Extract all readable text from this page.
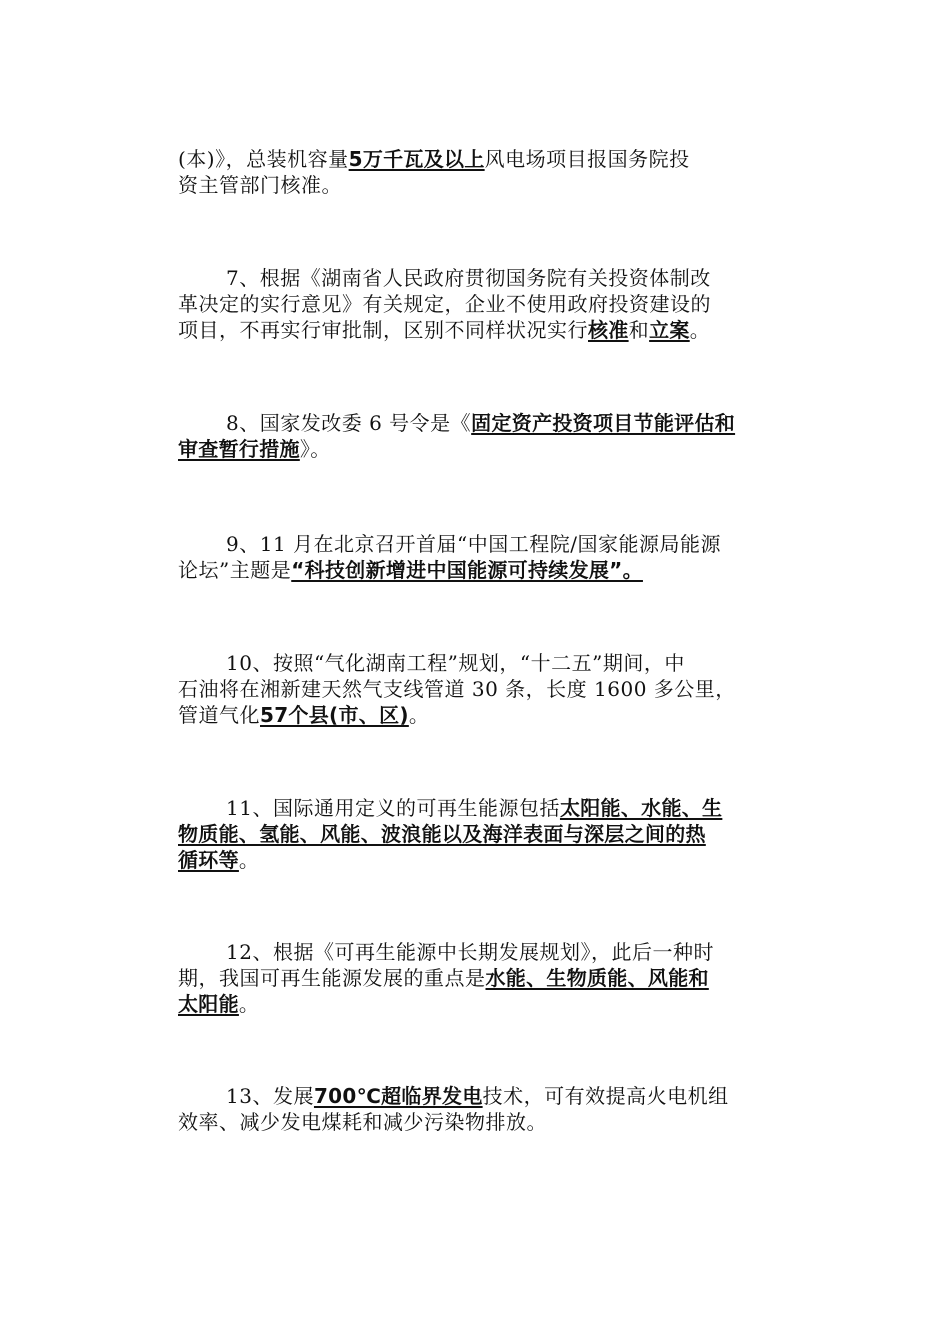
(本)》，总装机容量5万千瓦及以上风电场项目报国务院投
资主管部门核准。
7、根据《湖南省人民政府贯彻国务院有关投资体制改
革决定的实行意见》有关规定，企业不使用政府投资建设的
项目，不再实行审批制，区别不同样状况实行核准和立案。
8、国家发改委 6 号令是《固定资产投资项目节能评估和
审查暂行措施》。
9、11 月在北京召开首届“中国工程院/国家能源局能源
论坛”主题是“科技创新增进中国能源可持续发展”。
10、按照“气化湖南工程”规划，“十二五”期间，中
石油将在湘新建天然气支线管道 30 条，长度 1600 多公里，
管道气化57个县(市、区)。
11、国际通用定义的可再生能源包括太阳能、水能、生
物质能、氢能、风能、波浪能以及海洋表面与深层之间的热
循环等。
12、根据《可再生能源中长期发展规划》，此后一种时
期，我国可再生能源发展的重点是水能、生物质能、风能和
太阳能。
13、发展700℃超临界发电技术，可有效提高火电机组
效率、减少发电煤耗和减少污染物排放。
